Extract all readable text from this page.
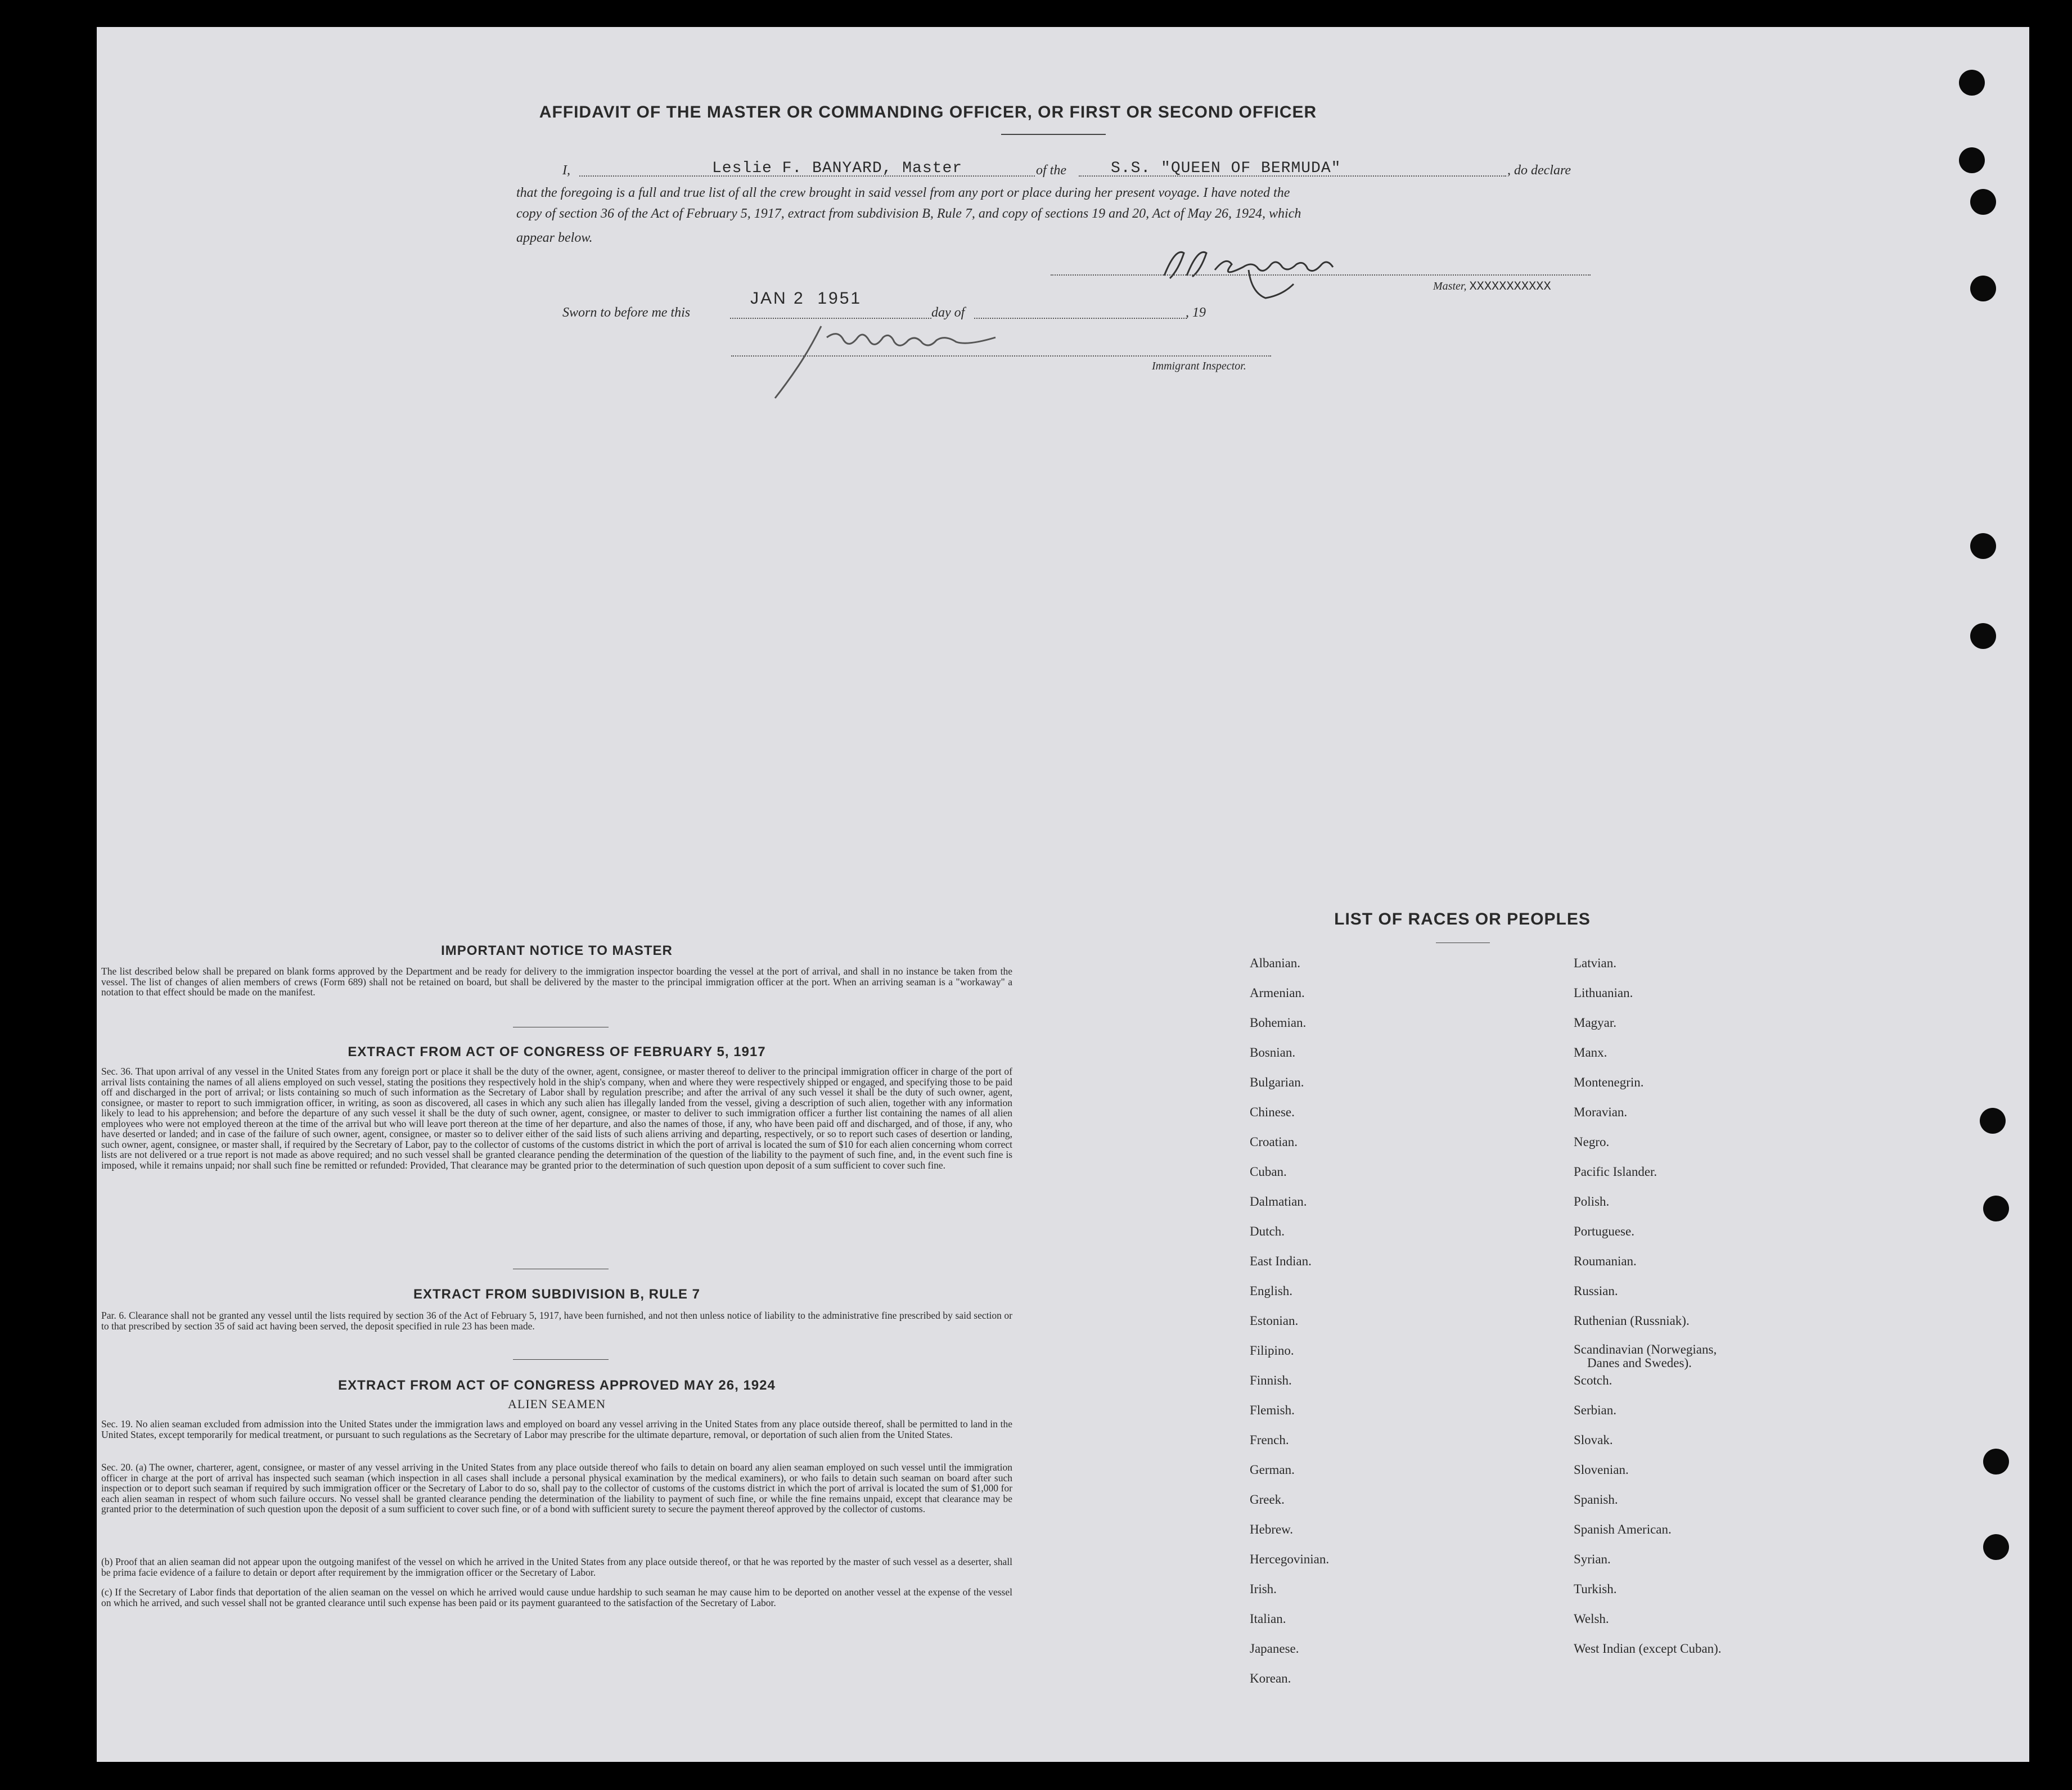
AFFIDAVIT OF THE MASTER OR COMMANDING OFFICER, OR FIRST OR SECOND OFFICER
I,	Leslie F. BANYARD, Master	of the	S.S. "QUEEN OF BERMUDA"	, do declare
that the foregoing is a full and true list of all the crew brought in said vessel from any port or place during her present voyage. I have noted the
copy of section 36 of the Act of February 5, 1917, extract from subdivision B, Rule 7, and copy of sections 19 and 20, Act of May 26, 1924, which
appear below.
Master, XXXXXXXXXXX
Sworn to before me this
JAN 2  1951
day of	, 19
Immigrant Inspector.
IMPORTANT NOTICE TO MASTER
The list described below shall be prepared on blank forms approved by the Department and be ready for delivery to the immigration inspector boarding the vessel at the port of arrival, and shall in no instance be taken from the vessel. The list of changes of alien members of crews (Form 689) shall not be retained on board, but shall be delivered by the master to the principal immigration officer at the port. When an arriving seaman is a "workaway" a notation to that effect should be made on the manifest.
EXTRACT FROM ACT OF CONGRESS OF FEBRUARY 5, 1917
Sec. 36. That upon arrival of any vessel in the United States from any foreign port or place it shall be the duty of the owner, agent, consignee, or master thereof to deliver to the principal immigration officer in charge of the port of arrival lists containing the names of all aliens employed on such vessel, stating the positions they respectively hold in the ship's company, when and where they were respectively shipped or engaged, and specifying those to be paid off and discharged in the port of arrival; or lists containing so much of such information as the Secretary of Labor shall by regulation prescribe; and after the arrival of any such vessel it shall be the duty of such owner, agent, consignee, or master to report to such immigration officer, in writing, as soon as discovered, all cases in which any such alien has illegally landed from the vessel, giving a description of such alien, together with any information likely to lead to his apprehension; and before the departure of any such vessel it shall be the duty of such owner, agent, consignee, or master to deliver to such immigration officer a further list containing the names of all alien employees who were not employed thereon at the time of the arrival but who will leave port thereon at the time of her departure, and also the names of those, if any, who have been paid off and discharged, and of those, if any, who have deserted or landed; and in case of the failure of such owner, agent, consignee, or master so to deliver either of the said lists of such aliens arriving and departing, respectively, or so to report such cases of desertion or landing, such owner, agent, consignee, or master shall, if required by the Secretary of Labor, pay to the collector of customs of the customs district in which the port of arrival is located the sum of $10 for each alien concerning whom correct lists are not delivered or a true report is not made as above required; and no such vessel shall be granted clearance pending the determination of the question of the liability to the payment of such fine, and, in the event such fine is imposed, while it remains unpaid; nor shall such fine be remitted or refunded: Provided, That clearance may be granted prior to the determination of such question upon deposit of a sum sufficient to cover such fine.
EXTRACT FROM SUBDIVISION B, RULE 7
Par. 6. Clearance shall not be granted any vessel until the lists required by section 36 of the Act of February 5, 1917, have been furnished, and not then unless notice of liability to the administrative fine prescribed by said section or to that prescribed by section 35 of said act having been served, the deposit specified in rule 23 has been made.
EXTRACT FROM ACT OF CONGRESS APPROVED MAY 26, 1924
ALIEN SEAMEN
Sec. 19. No alien seaman excluded from admission into the United States under the immigration laws and employed on board any vessel arriving in the United States from any place outside thereof, shall be permitted to land in the United States, except temporarily for medical treatment, or pursuant to such regulations as the Secretary of Labor may prescribe for the ultimate departure, removal, or deportation of such alien from the United States.
Sec. 20. (a) The owner, charterer, agent, consignee, or master of any vessel arriving in the United States from any place outside thereof who fails to detain on board any alien seaman employed on such vessel until the immigration officer in charge at the port of arrival has inspected such seaman (which inspection in all cases shall include a personal physical examination by the medical examiners), or who fails to detain such seaman on board after such inspection or to deport such seaman if required by such immigration officer or the Secretary of Labor to do so, shall pay to the collector of customs of the customs district in which the port of arrival is located the sum of $1,000 for each alien seaman in respect of whom such failure occurs. No vessel shall be granted clearance pending the determination of the liability to payment of such fine, or while the fine remains unpaid, except that clearance may be granted prior to the determination of such question upon the deposit of a sum sufficient to cover such fine, or of a bond with sufficient surety to secure the payment thereof approved by the collector of customs.
(b) Proof that an alien seaman did not appear upon the outgoing manifest of the vessel on which he arrived in the United States from any place outside thereof, or that he was reported by the master of such vessel as a deserter, shall be prima facie evidence of a failure to detain or deport after requirement by the immigration officer or the Secretary of Labor.
(c) If the Secretary of Labor finds that deportation of the alien seaman on the vessel on which he arrived would cause undue hardship to such seaman he may cause him to be deported on another vessel at the expense of the vessel on which he arrived, and such vessel shall not be granted clearance until such expense has been paid or its payment guaranteed to the satisfaction of the Secretary of Labor.
LIST OF RACES OR PEOPLES
Albanian.
Armenian.
Bohemian.
Bosnian.
Bulgarian.
Chinese.
Croatian.
Cuban.
Dalmatian.
Dutch.
East Indian.
English.
Estonian.
Filipino.
Finnish.
Flemish.
French.
German.
Greek.
Hebrew.
Hercegovinian.
Irish.
Italian.
Japanese.
Korean.
Latvian.
Lithuanian.
Magyar.
Manx.
Montenegrin.
Moravian.
Negro.
Pacific Islander.
Polish.
Portuguese.
Roumanian.
Russian.
Ruthenian (Russniak).
Scandinavian (Norwegians,
Danes and Swedes).
Scotch.
Serbian.
Slovak.
Slovenian.
Spanish.
Spanish American.
Syrian.
Turkish.
Welsh.
West Indian (except Cuban).
